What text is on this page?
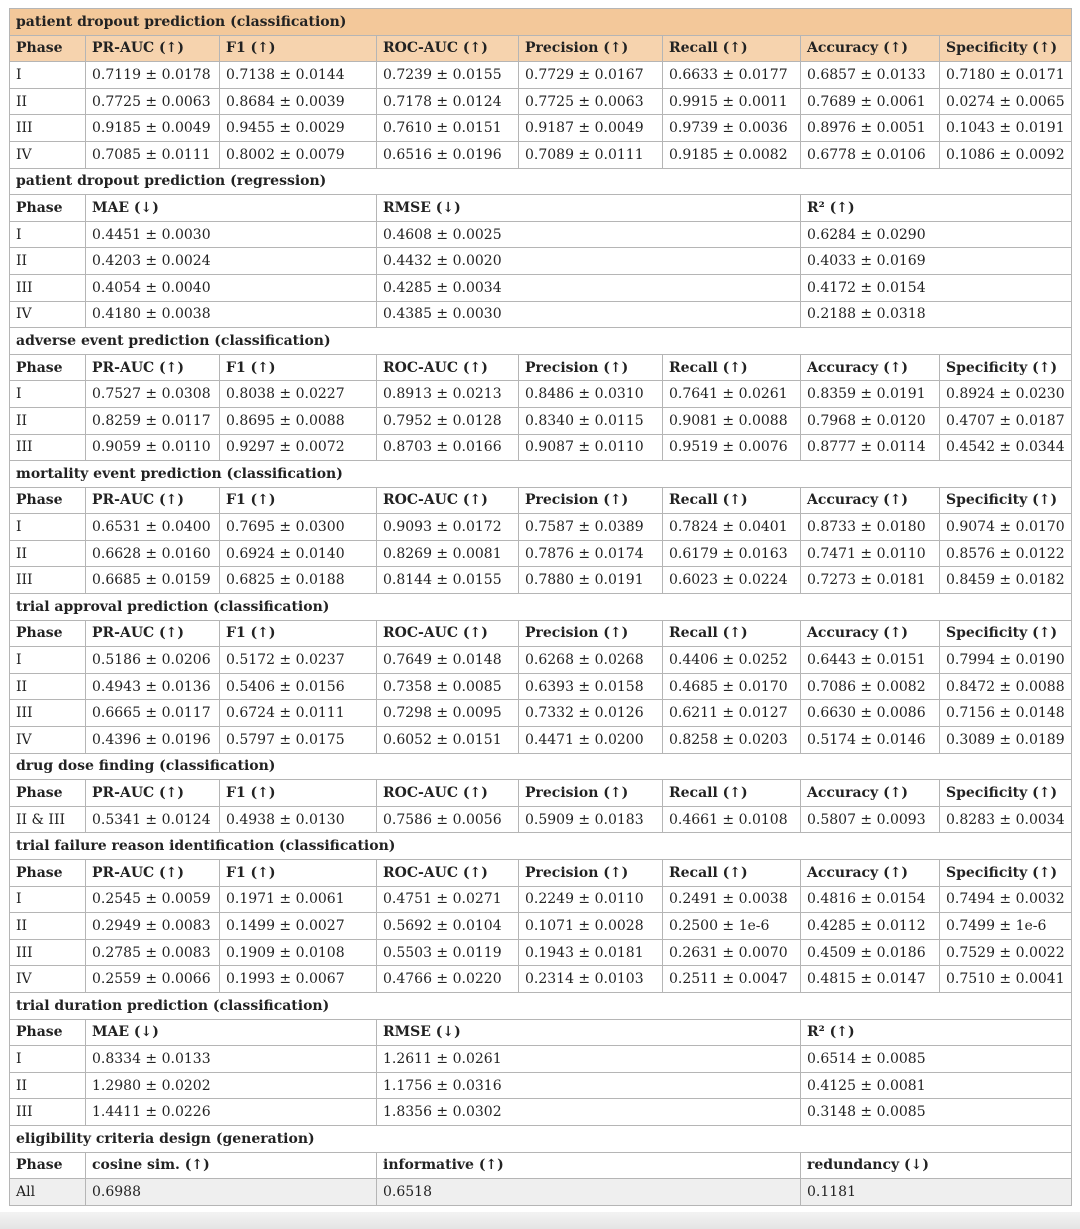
patient dropout prediction (classification)							
Phase	PR-AUC (↑)	F1 (↑)	ROC-AUC (↑)	Precision (↑)	Recall (↑)	Accuracy (↑)	Specificity (↑)
I	0.7119 ± 0.0178	0.7138 ± 0.0144	0.7239 ± 0.0155	0.7729 ± 0.0167	0.6633 ± 0.0177	0.6857 ± 0.0133	0.7180 ± 0.0171
II	0.7725 ± 0.0063	0.8684 ± 0.0039	0.7178 ± 0.0124	0.7725 ± 0.0063	0.9915 ± 0.0011	0.7689 ± 0.0061	0.0274 ± 0.0065
III	0.9185 ± 0.0049	0.9455 ± 0.0029	0.7610 ± 0.0151	0.9187 ± 0.0049	0.9739 ± 0.0036	0.8976 ± 0.0051	0.1043 ± 0.0191
IV	0.7085 ± 0.0111	0.8002 ± 0.0079	0.6516 ± 0.0196	0.7089 ± 0.0111	0.9185 ± 0.0082	0.6778 ± 0.0106	0.1086 ± 0.0092
patient dropout prediction (regression)							
Phase	MAE (↓)		RMSE (↓)			R² (↑)	
I	0.4451 ± 0.0030		0.4608 ± 0.0025			0.6284 ± 0.0290	
II	0.4203 ± 0.0024		0.4432 ± 0.0020			0.4033 ± 0.0169	
III	0.4054 ± 0.0040		0.4285 ± 0.0034			0.4172 ± 0.0154	
IV	0.4180 ± 0.0038		0.4385 ± 0.0030			0.2188 ± 0.0318	
adverse event prediction (classification)							
Phase	PR-AUC (↑)	F1 (↑)	ROC-AUC (↑)	Precision (↑)	Recall (↑)	Accuracy (↑)	Specificity (↑)
I	0.7527 ± 0.0308	0.8038 ± 0.0227	0.8913 ± 0.0213	0.8486 ± 0.0310	0.7641 ± 0.0261	0.8359 ± 0.0191	0.8924 ± 0.0230
II	0.8259 ± 0.0117	0.8695 ± 0.0088	0.7952 ± 0.0128	0.8340 ± 0.0115	0.9081 ± 0.0088	0.7968 ± 0.0120	0.4707 ± 0.0187
III	0.9059 ± 0.0110	0.9297 ± 0.0072	0.8703 ± 0.0166	0.9087 ± 0.0110	0.9519 ± 0.0076	0.8777 ± 0.0114	0.4542 ± 0.0344
mortality event prediction (classification)							
Phase	PR-AUC (↑)	F1 (↑)	ROC-AUC (↑)	Precision (↑)	Recall (↑)	Accuracy (↑)	Specificity (↑)
I	0.6531 ± 0.0400	0.7695 ± 0.0300	0.9093 ± 0.0172	0.7587 ± 0.0389	0.7824 ± 0.0401	0.8733 ± 0.0180	0.9074 ± 0.0170
II	0.6628 ± 0.0160	0.6924 ± 0.0140	0.8269 ± 0.0081	0.7876 ± 0.0174	0.6179 ± 0.0163	0.7471 ± 0.0110	0.8576 ± 0.0122
III	0.6685 ± 0.0159	0.6825 ± 0.0188	0.8144 ± 0.0155	0.7880 ± 0.0191	0.6023 ± 0.0224	0.7273 ± 0.0181	0.8459 ± 0.0182
trial approval prediction (classification)							
Phase	PR-AUC (↑)	F1 (↑)	ROC-AUC (↑)	Precision (↑)	Recall (↑)	Accuracy (↑)	Specificity (↑)
I	0.5186 ± 0.0206	0.5172 ± 0.0237	0.7649 ± 0.0148	0.6268 ± 0.0268	0.4406 ± 0.0252	0.6443 ± 0.0151	0.7994 ± 0.0190
II	0.4943 ± 0.0136	0.5406 ± 0.0156	0.7358 ± 0.0085	0.6393 ± 0.0158	0.4685 ± 0.0170	0.7086 ± 0.0082	0.8472 ± 0.0088
III	0.6665 ± 0.0117	0.6724 ± 0.0111	0.7298 ± 0.0095	0.7332 ± 0.0126	0.6211 ± 0.0127	0.6630 ± 0.0086	0.7156 ± 0.0148
IV	0.4396 ± 0.0196	0.5797 ± 0.0175	0.6052 ± 0.0151	0.4471 ± 0.0200	0.8258 ± 0.0203	0.5174 ± 0.0146	0.3089 ± 0.0189
drug dose finding (classification)							
Phase	PR-AUC (↑)	F1 (↑)	ROC-AUC (↑)	Precision (↑)	Recall (↑)	Accuracy (↑)	Specificity (↑)
II & III	0.5341 ± 0.0124	0.4938 ± 0.0130	0.7586 ± 0.0056	0.5909 ± 0.0183	0.4661 ± 0.0108	0.5807 ± 0.0093	0.8283 ± 0.0034
trial failure reason identification (classification)							
Phase	PR-AUC (↑)	F1 (↑)	ROC-AUC (↑)	Precision (↑)	Recall (↑)	Accuracy (↑)	Specificity (↑)
I	0.2545 ± 0.0059	0.1971 ± 0.0061	0.4751 ± 0.0271	0.2249 ± 0.0110	0.2491 ± 0.0038	0.4816 ± 0.0154	0.7494 ± 0.0032
II	0.2949 ± 0.0083	0.1499 ± 0.0027	0.5692 ± 0.0104	0.1071 ± 0.0028	0.2500 ± 1e-6	0.4285 ± 0.0112	0.7499 ± 1e-6
III	0.2785 ± 0.0083	0.1909 ± 0.0108	0.5503 ± 0.0119	0.1943 ± 0.0181	0.2631 ± 0.0070	0.4509 ± 0.0186	0.7529 ± 0.0022
IV	0.2559 ± 0.0066	0.1993 ± 0.0067	0.4766 ± 0.0220	0.2314 ± 0.0103	0.2511 ± 0.0047	0.4815 ± 0.0147	0.7510 ± 0.0041
trial duration prediction (classification)							
Phase	MAE (↓)		RMSE (↓)			R² (↑)	
I	0.8334 ± 0.0133		1.2611 ± 0.0261			0.6514 ± 0.0085	
II	1.2980 ± 0.0202		1.1756 ± 0.0316			0.4125 ± 0.0081	
III	1.4411 ± 0.0226		1.8356 ± 0.0302			0.3148 ± 0.0085	
eligibility criteria design (generation)							
Phase	cosine sim. (↑)		informative (↑)			redundancy (↓)	
All	0.6988		0.6518			0.1181	
